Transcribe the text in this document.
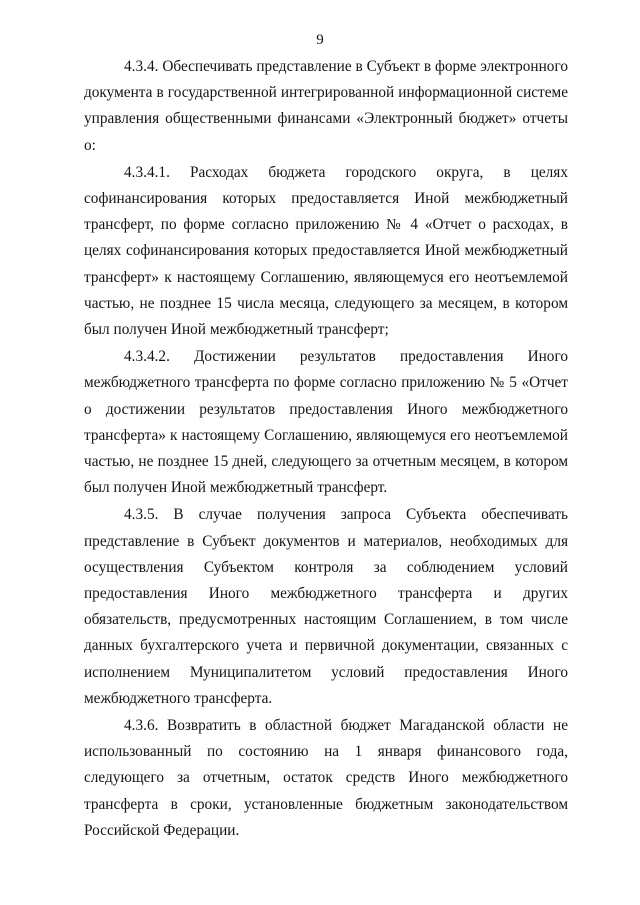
9

4.3.4. Обеспечивать представление в Субъект в форме электронного документа в государственной интегрированной информационной системе управления общественными финансами «Электронный бюджет» отчеты о:

4.3.4.1. Расходах бюджета городского округа, в целях софинансирования которых предоставляется Иной межбюджетный трансферт, по форме согласно приложению № 4 «Отчет о расходах, в целях софинансирования которых предоставляется Иной межбюджетный трансферт» к настоящему Соглашению, являющемуся его неотъемлемой частью, не позднее 15 числа месяца, следующего за месяцем, в котором был получен Иной межбюджетный трансферт;

4.3.4.2. Достижении результатов предоставления Иного межбюджетного трансферта по форме согласно приложению № 5 «Отчет о достижении результатов предоставления Иного межбюджетного трансферта» к настоящему Соглашению, являющемуся его неотъемлемой частью, не позднее 15 дней, следующего за отчетным месяцем, в котором был получен Иной межбюджетный трансферт.

4.3.5. В случае получения запроса Субъекта обеспечивать представление в Субъект документов и материалов, необходимых для осуществления Субъектом контроля за соблюдением условий предоставления Иного межбюджетного трансферта и других обязательств, предусмотренных настоящим Соглашением, в том числе данных бухгалтерского учета и первичной документации, связанных с исполнением Муниципалитетом условий предоставления Иного межбюджетного трансферта.

4.3.6. Возвратить в областной бюджет Магаданской области не использованный по состоянию на 1 января финансового года, следующего за отчетным, остаток средств Иного межбюджетного трансферта в сроки, установленные бюджетным законодательством Российской Федерации.
